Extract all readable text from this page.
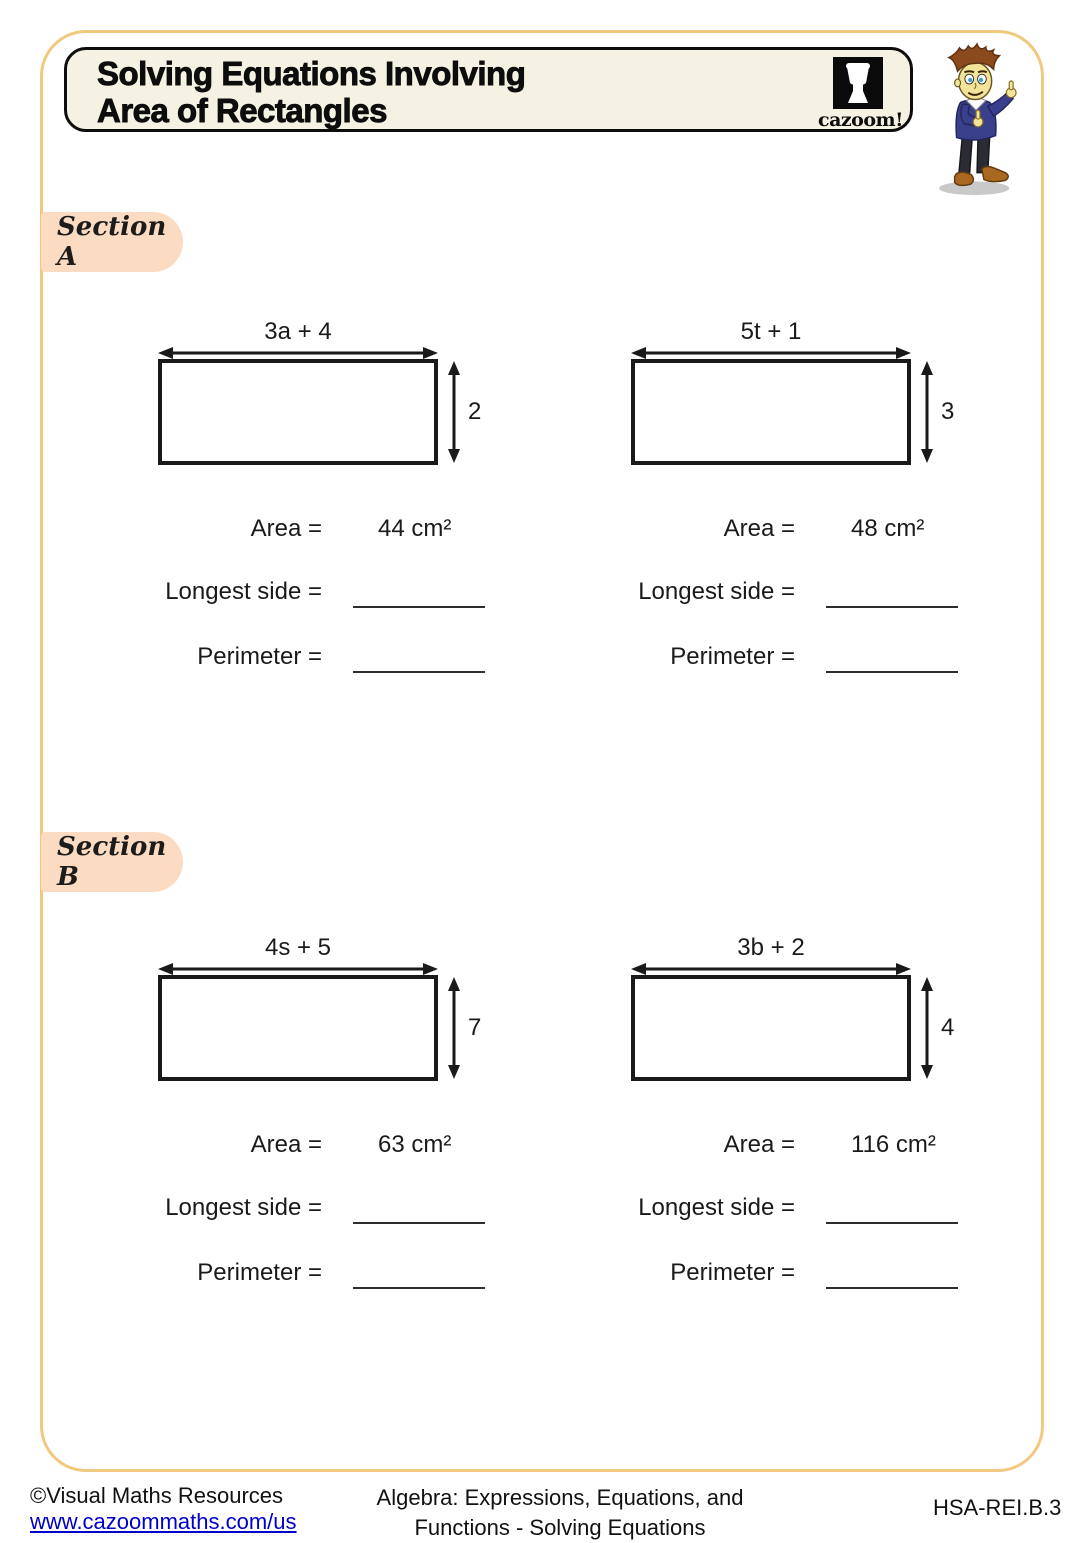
Solving Equations Involving
Area of Rectangles	cazoom!
Section A
Section B
3a + 4
2
Area = 44 cm²
Longest side =
Perimeter =
5t + 1
3
Area = 48 cm²
Longest side =
Perimeter =
4s + 5
7
Area = 63 cm²
Longest side =
Perimeter =
3b + 2
4
Area = 116 cm²
Longest side =
Perimeter =
©Visual Maths Resources
www.cazoommaths.com/us
Algebra: Expressions, Equations, and
Functions - Solving Equations
HSA-REI.B.3
